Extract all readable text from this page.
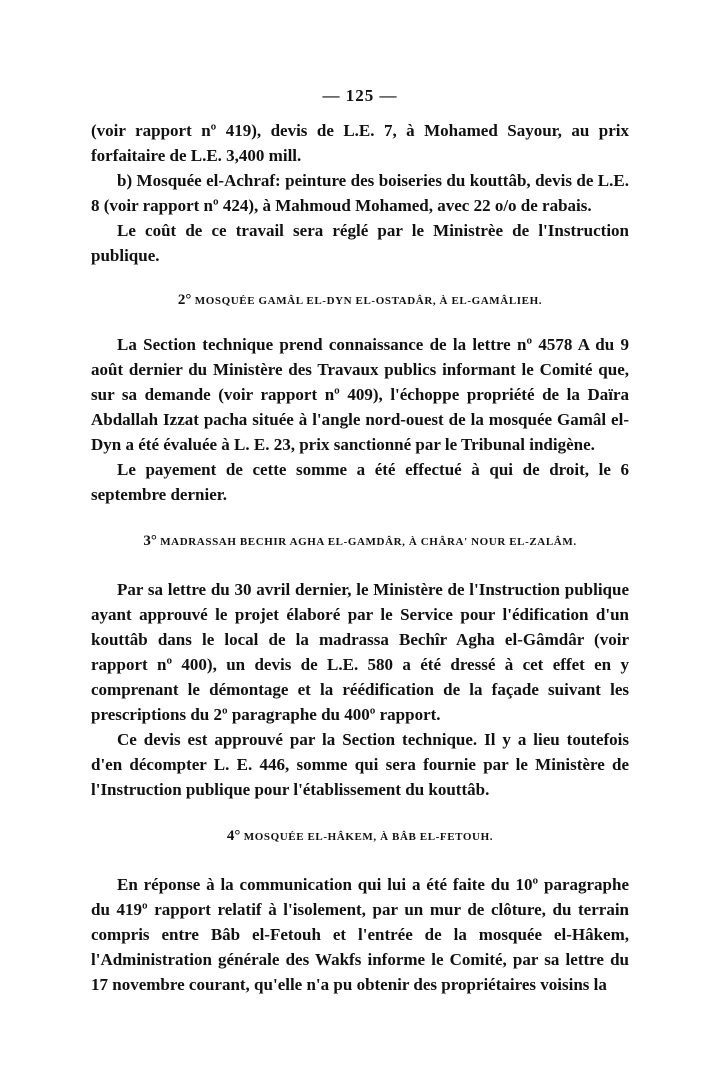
— 125 —

(voir rapport nº 419), devis de L.E. 7, à Mohamed Sayour, au prix forfaitaire de L.E. 3,400 mill.

b) Mosquée el-Achraf: peinture des boiseries du kouttâb, devis de L.E. 8 (voir rapport nº 424), à Mahmoud Mohamed, avec 22 o/o de rabais.

Le coût de ce travail sera réglé par le Ministrèe de l'Instruction publique.

2° MOSQUÉE GAMÂL EL-DYN EL-OSTADÂR, À EL-GAMÂLIEH.

La Section technique prend connaissance de la lettre nº 4578 A du 9 août dernier du Ministère des Travaux publics informant le Comité que, sur sa demande (voir rapport nº 409), l'échoppe propriété de la Daïra Abdallah Izzat pacha située à l'angle nord-ouest de la mosquée Gamâl el-Dyn a été évaluée à L. E. 23, prix sanctionné par le Tribunal indigène.

Le payement de cette somme a été effectué à qui de droit, le 6 septembre dernier.

3° MADRASSAH BECHIR AGHA EL-GAMDÂR, À CHÂRA' NOUR EL-ZALÂM.

Par sa lettre du 30 avril dernier, le Ministère de l'Instruction publique ayant approuvé le projet élaboré par le Service pour l'édification d'un kouttâb dans le local de la madrassa Bechîr Agha el-Gâmdâr (voir rapport nº 400), un devis de L.E. 580 a été dressé à cet effet en y comprenant le démontage et la réédification de la façade suivant les prescriptions du 2º paragraphe du 400º rapport.

Ce devis est approuvé par la Section technique. Il y a lieu toutefois d'en décompter L. E. 446, somme qui sera fournie par le Ministère de l'Instruction publique pour l'établissement du kouttâb.

4° MOSQUÉE EL-HÂKEM, À BÂB EL-FETOUH.

En réponse à la communication qui lui a été faite du 10º paragraphe du 419º rapport relatif à l'isolement, par un mur de clôture, du terrain compris entre Bâb el-Fetouh et l'entrée de la mosquée el-Hâkem, l'Administration générale des Wakfs informe le Comité, par sa lettre du 17 novembre courant, qu'elle n'a pu obtenir des propriétaires voisins la
